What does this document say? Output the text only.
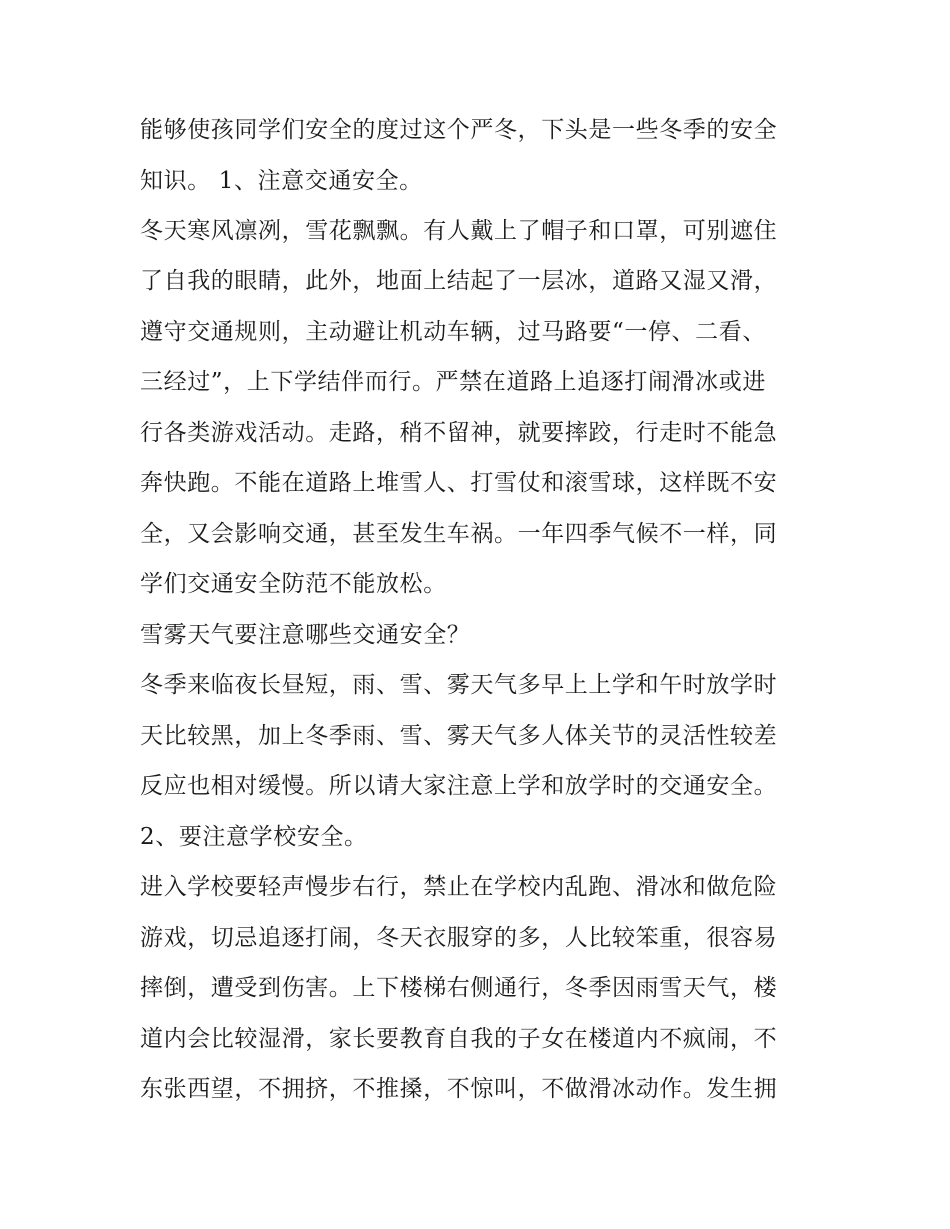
能够使孩同学们安全的度过这个严冬，下头是一些冬季的安全
知识。 1、注意交通安全。
冬天寒风凛冽，雪花飘飘。有人戴上了帽子和口罩，可别遮住
了自我的眼睛，此外，地面上结起了一层冰，道路又湿又滑，
遵守交通规则，主动避让机动车辆，过马路要“一停、二看、
三经过”，上下学结伴而行。严禁在道路上追逐打闹滑冰或进
行各类游戏活动。走路，稍不留神，就要摔跤，行走时不能急
奔快跑。不能在道路上堆雪人、打雪仗和滚雪球，这样既不安
全，又会影响交通，甚至发生车祸。一年四季气候不一样，同
学们交通安全防范不能放松。
雪雾天气要注意哪些交通安全？
冬季来临夜长昼短，雨、雪、雾天气多早上上学和午时放学时
天比较黑，加上冬季雨、雪、雾天气多人体关节的灵活性较差
反应也相对缓慢。所以请大家注意上学和放学时的交通安全。
2、要注意学校安全。
进入学校要轻声慢步右行，禁止在学校内乱跑、滑冰和做危险
游戏，切忌追逐打闹，冬天衣服穿的多，人比较笨重，很容易
摔倒，遭受到伤害。上下楼梯右侧通行，冬季因雨雪天气，楼
道内会比较湿滑，家长要教育自我的子女在楼道内不疯闹，不
东张西望，不拥挤，不推搡，不惊叫，不做滑冰动作。发生拥
